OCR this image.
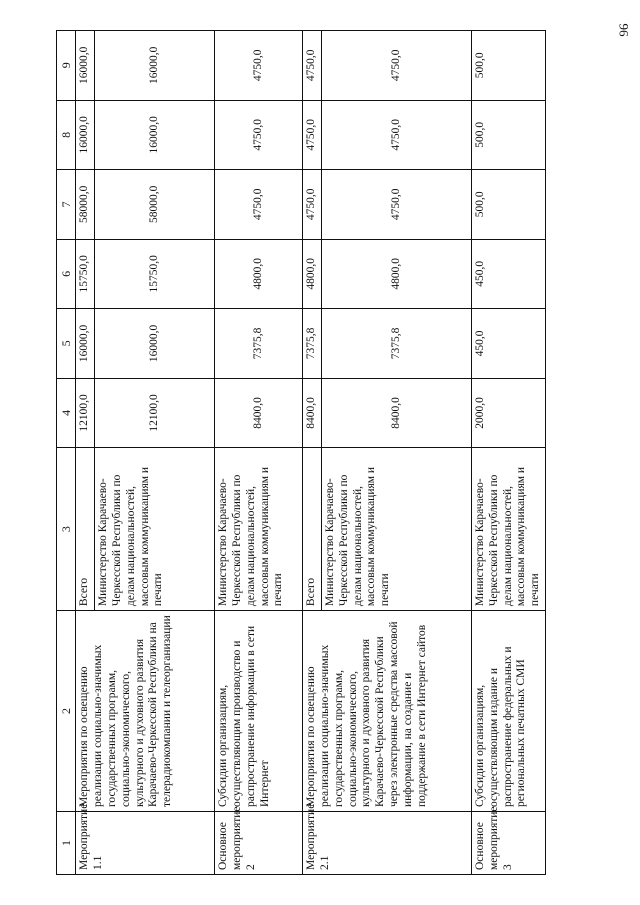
96
1	2	3	4	5	6	7	8	9
Мероприятие 1.1	Мероприятия по освещению реализации социально-значимых государственных программ, социально-экономического, культурного и духовного развития Карачаево-Черкесской Республики на телерадиокомпании и телеорганизации	Всего	12100,0	16000,0	15750,0	58000,0	16000,0	16000,0
		Министерство Карачаево-Черкесской Республики по делам национальностей, массовым коммуникациям и печати	12100,0	16000,0	15750,0	58000,0	16000,0	16000,0
Основное мероприятие 2	Субсидии организациям, осуществляющим производство и распространение информации в сети Интернет	Министерство Карачаево-Черкесской Республики по делам национальностей, массовым коммуникациям и печати	8400,0	7375,8	4800,0	4750,0	4750,0	4750,0
Мероприятие 2.1	Мероприятия по освещению реализации социально-значимых государственных программ, социально-экономического, культурного и духовного развития Карачаево-Черкесской Республики через электронные средства массовой информации, на создание и поддержание в сети Интернет сайтов	Всего	8400,0	7375,8	4800,0	4750,0	4750,0	4750,0
		Министерство Карачаево-Черкесской Республики по делам национальностей, массовым коммуникациям и печати	8400,0	7375,8	4800,0	4750,0	4750,0	4750,0
Основное мероприятие 3	Субсидии организациям, осуществляющим издание и распространение федеральных и региональных печатных СМИ	Министерство Карачаево-Черкесской Республики по делам национальностей, массовым коммуникациям и печати	2000,0	450,0	450,0	500,0	500,0	500,0
